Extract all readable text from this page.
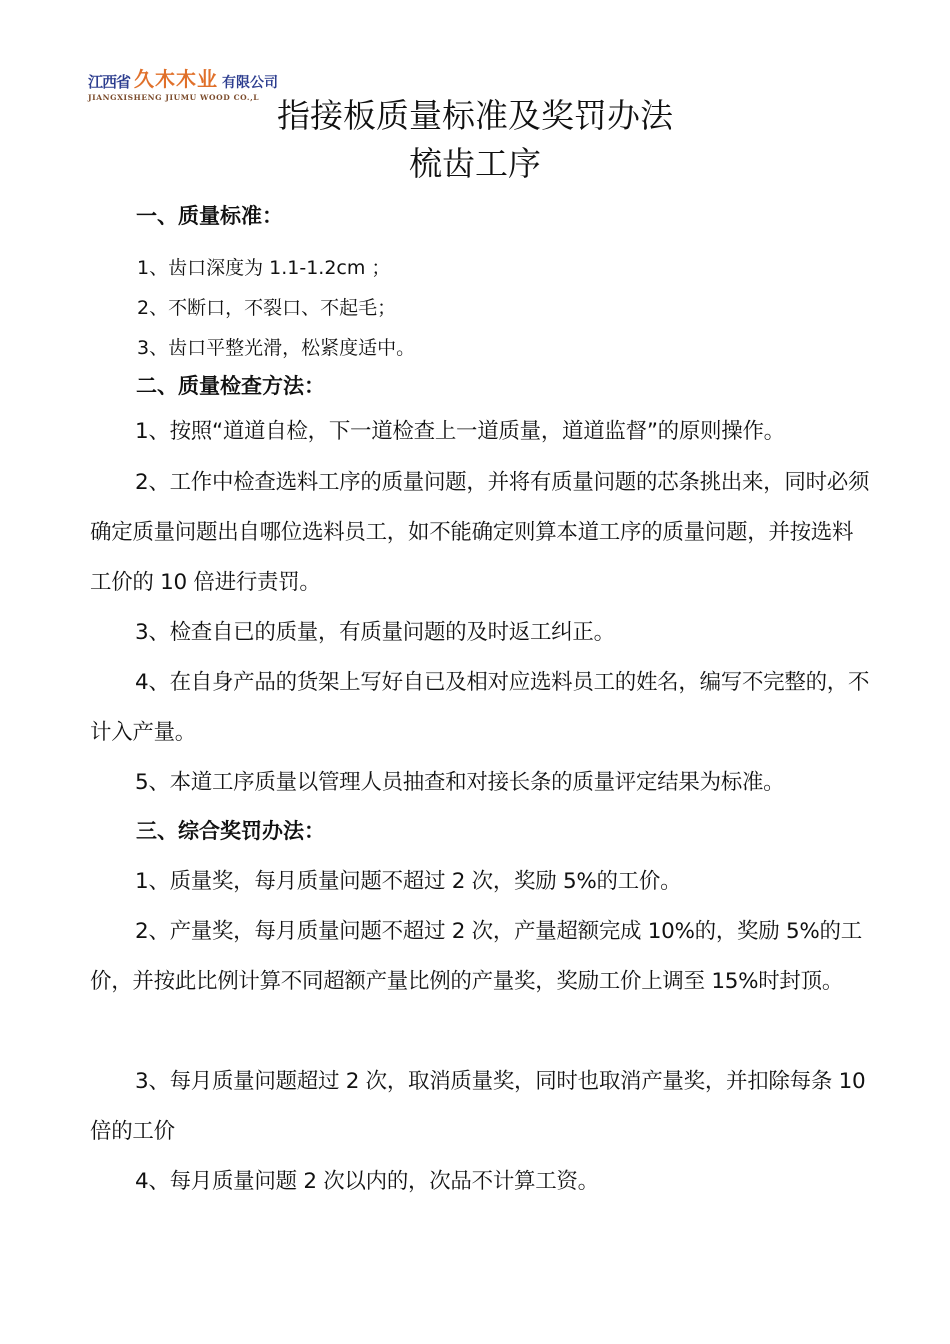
江西省 久木木业 有限公司
JIANGXISHENG JIUMU WOOD CO.,L 指接板质量标准及奖罚办法
梳齿工序
一、质量标准：
1、齿口深度为 1.1-1.2cm ；
2、不断口，不裂口、不起毛；
3、齿口平整光滑，松紧度适中。
二、质量检查方法：
1、按照“道道自检，下一道检查上一道质量，道道监督”的原则操作。
2、工作中检查选料工序的质量问题，并将有质量问题的芯条挑出来，同时必须确定质量问题出自哪位选料员工，如不能确定则算本道工序的质量问题，并按选料工价的 10 倍进行责罚。
3、检查自已的质量，有质量问题的及时返工纠正。
4、在自身产品的货架上写好自已及相对应选料员工的姓名，编写不完整的，不计入产量。
5、本道工序质量以管理人员抽查和对接长条的质量评定结果为标准。
三、综合奖罚办法：
1、质量奖，每月质量问题不超过 2 次，奖励 5%的工价。
2、产量奖，每月质量问题不超过 2 次，产量超额完成 10%的，奖励 5%的工价，并按此比例计算不同超额产量比例的产量奖，奖励工价上调至 15%时封顶。
3、每月质量问题超过 2 次，取消质量奖，同时也取消产量奖，并扣除每条 10 倍的工价
4、每月质量问题 2 次以内的，次品不计算工资。
